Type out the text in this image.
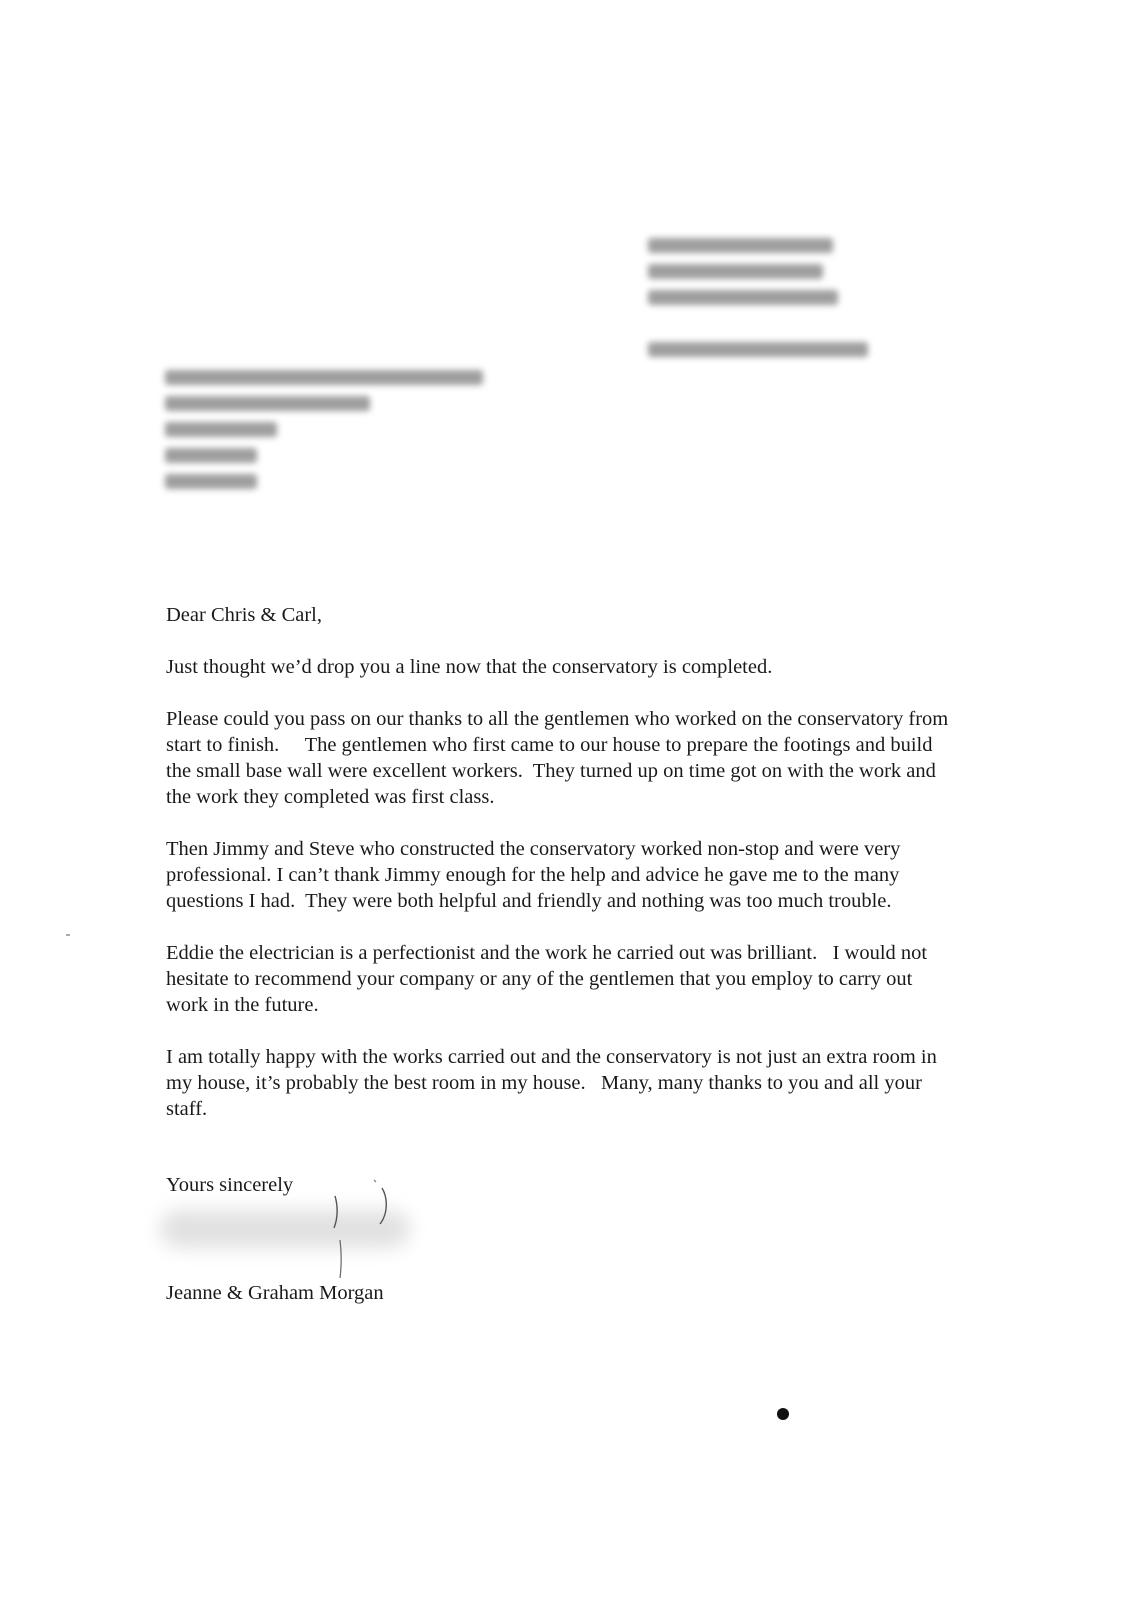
Dear Chris & Carl,

Just thought we’d drop you a line now that the conservatory is completed.

Please could you pass on our thanks to all the gentlemen who worked on the conservatory from start to finish.     The gentlemen who first came to our house to prepare the footings and build the small base wall were excellent workers.  They turned up on time got on with the work and the work they completed was first class.

Then Jimmy and Steve who constructed the conservatory worked non-stop and were very professional. I can’t thank Jimmy enough for the help and advice he gave me to the many questions I had.  They were both helpful and friendly and nothing was too much trouble.

Eddie the electrician is a perfectionist and the work he carried out was brilliant.   I would not hesitate to recommend your company or any of the gentlemen that you employ to carry out work in the future.

I am totally happy with the works carried out and the conservatory is not just an extra room in my house, it’s probably the best room in my house.   Many, many thanks to you and all your staff.

Yours sincerely
Jeanne & Graham Morgan
